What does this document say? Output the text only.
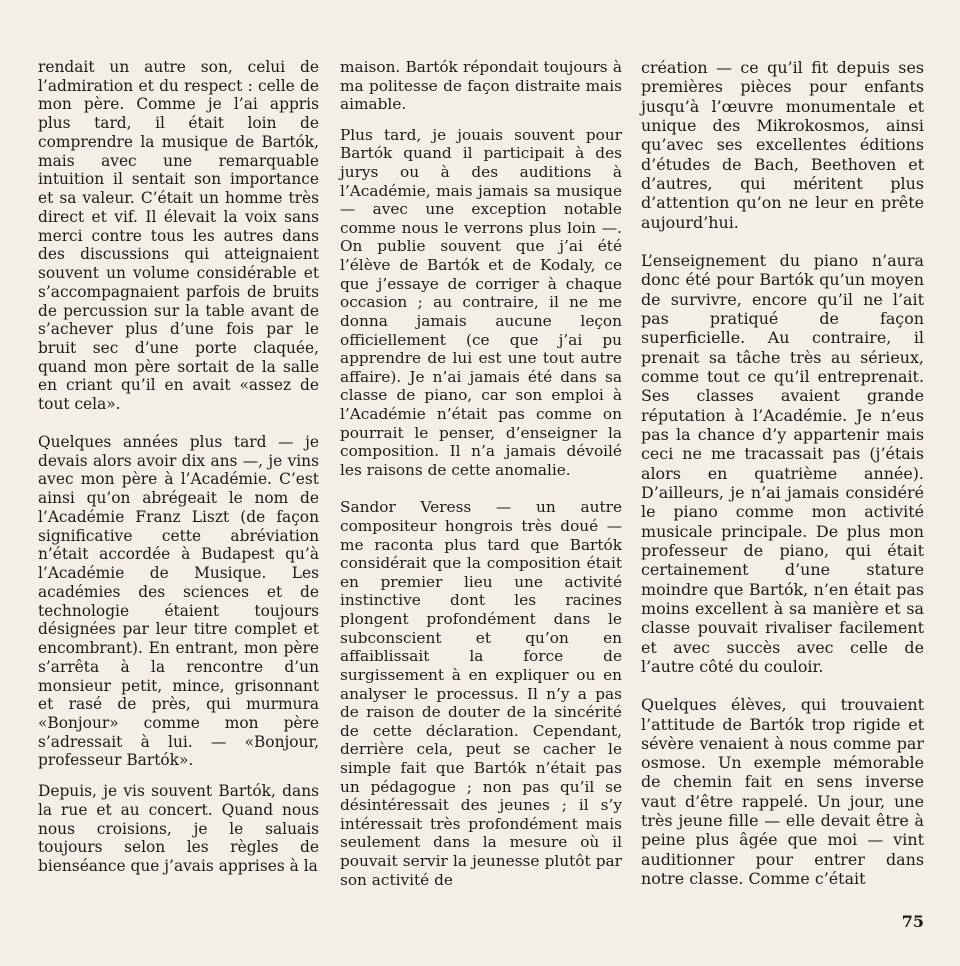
rendait un autre son, celui de l’admiration et du respect : celle de mon père. Comme je l’ai appris plus tard, il était loin de comprendre la musique de Bartók, mais avec une remarquable intuition il sentait son importance et sa valeur. C’était un homme très direct et vif. Il élevait la voix sans merci contre tous les autres dans des discussions qui atteignaient souvent un volume considérable et s’accompagnaient parfois de bruits de percussion sur la table avant de s’achever plus d’une fois par le bruit sec d’une porte claquée, quand mon père sortait de la salle en criant qu’il en avait «assez de tout cela».

Quelques années plus tard — je devais alors avoir dix ans —, je vins avec mon père à l’Académie. C’est ainsi qu’on abrégeait le nom de l’Académie Franz Liszt (de façon significative cette abréviation n’était accordée à Budapest qu’à l’Académie de Musique. Les académies des sciences et de technologie étaient toujours désignées par leur titre complet et encombrant). En entrant, mon père s’arrêta à la rencontre d’un monsieur petit, mince, grisonnant et rasé de près, qui murmura «Bonjour» comme mon père s’adressait à lui. — «Bonjour, professeur Bartók».

Depuis, je vis souvent Bartók, dans la rue et au concert. Quand nous nous croisions, je le saluais toujours selon les règles de bienséance que j’avais apprises à la

maison. Bartók répondait toujours à ma politesse de façon distraite mais aimable.

Plus tard, je jouais souvent pour Bartók quand il participait à des jurys ou à des auditions à l’Académie, mais jamais sa musique — avec une exception notable comme nous le verrons plus loin —. On publie souvent que j’ai été l’élève de Bartók et de Kodaly, ce que j’essaye de corriger à chaque occasion ; au contraire, il ne me donna jamais aucune leçon officiellement (ce que j’ai pu apprendre de lui est une tout autre affaire). Je n’ai jamais été dans sa classe de piano, car son emploi à l’Académie n’était pas comme on pourrait le penser, d’enseigner la composition. Il n’a jamais dévoilé les raisons de cette anomalie.

Sandor Veress — un autre compositeur hongrois très doué — me raconta plus tard que Bartók considérait que la composition était en premier lieu une activité instinctive dont les racines plongent profondément dans le subconscient et qu’on en affaiblissait la force de surgissement à en expliquer ou en analyser le processus. Il n’y a pas de raison de douter de la sincérité de cette déclaration. Cependant, derrière cela, peut se cacher le simple fait que Bartók n’était pas un pédagogue ; non pas qu’il se désintéressait des jeunes ; il s’y intéressait très profondément mais seulement dans la mesure où il pouvait servir la jeunesse plutôt par son activité de

création — ce qu’il fit depuis ses premières pièces pour enfants jusqu’à l’œuvre monumentale et unique des Mikrokosmos, ainsi qu’avec ses excellentes éditions d’études de Bach, Beethoven et d’autres, qui méritent plus d’attention qu’on ne leur en prête aujourd’hui.

L’enseignement du piano n’aura donc été pour Bartók qu’un moyen de survivre, encore qu’il ne l’ait pas pratiqué de façon superficielle. Au contraire, il prenait sa tâche très au sérieux, comme tout ce qu’il entreprenait. Ses classes avaient grande réputation à l’Académie. Je n’eus pas la chance d’y appartenir mais ceci ne me tracassait pas (j’étais alors en quatrième année). D’ailleurs, je n’ai jamais considéré le piano comme mon activité musicale principale. De plus mon professeur de piano, qui était certainement d’une stature moindre que Bartók, n’en était pas moins excellent à sa manière et sa classe pouvait rivaliser facilement et avec succès avec celle de l’autre côté du couloir.

Quelques élèves, qui trouvaient l’attitude de Bartók trop rigide et sévère venaient à nous comme par osmose. Un exemple mémorable de chemin fait en sens inverse vaut d’être rappelé. Un jour, une très jeune fille — elle devait être à peine plus âgée que moi — vint auditionner pour entrer dans notre classe. Comme c’était

75
